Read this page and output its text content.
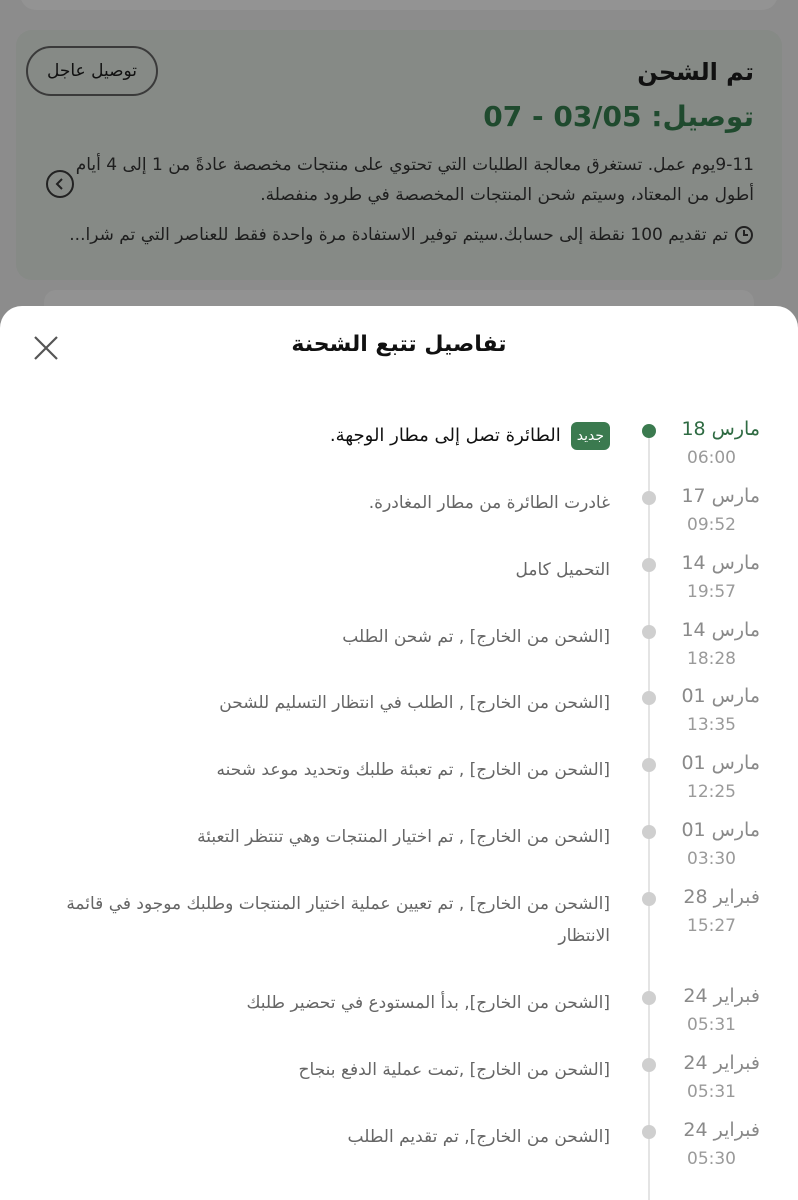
توصيل عاجل	تم الشحن
توصيل: 03/05 - 07
9-11يوم عمل. تستغرق معالجة الطلبات التي تحتوي على منتجات مخصصة عادةً من 1 إلى 4 أيام أطول من المعتاد، وسيتم شحن المنتجات المخصصة في طرود منفصلة.
تم تقديم 100 نقطة إلى حسابك.سيتم توفير الاستفادة مرة واحدة فقط للعناصر التي تم شرا...
تفاصيل تتبع الشحنة
مارس 18
06:00
جديدالطائرة تصل إلى مطار الوجهة.
مارس 17
09:52
غادرت الطائرة من مطار المغادرة.
مارس 14
19:57
التحميل كامل
مارس 14
18:28
[الشحن من الخارج] , تم شحن الطلب
مارس 01
13:35
[الشحن من الخارج] , الطلب في انتظار التسليم للشحن
مارس 01
12:25
[الشحن من الخارج] , تم تعبئة طلبك وتحديد موعد شحنه
مارس 01
03:30
[الشحن من الخارج] , تم اختيار المنتجات وهي تنتظر التعبئة
فبراير 28
15:27
[الشحن من الخارج] , تم تعيين عملية اختيار المنتجات وطلبك موجود في قائمة الانتظار
فبراير 24
05:31
[الشحن من الخارج], بدأ المستودع في تحضير طلبك
فبراير 24
05:31
[الشحن من الخارج] ,تمت عملية الدفع بنجاح
فبراير 24
05:30
[الشحن من الخارج], تم تقديم الطلب
